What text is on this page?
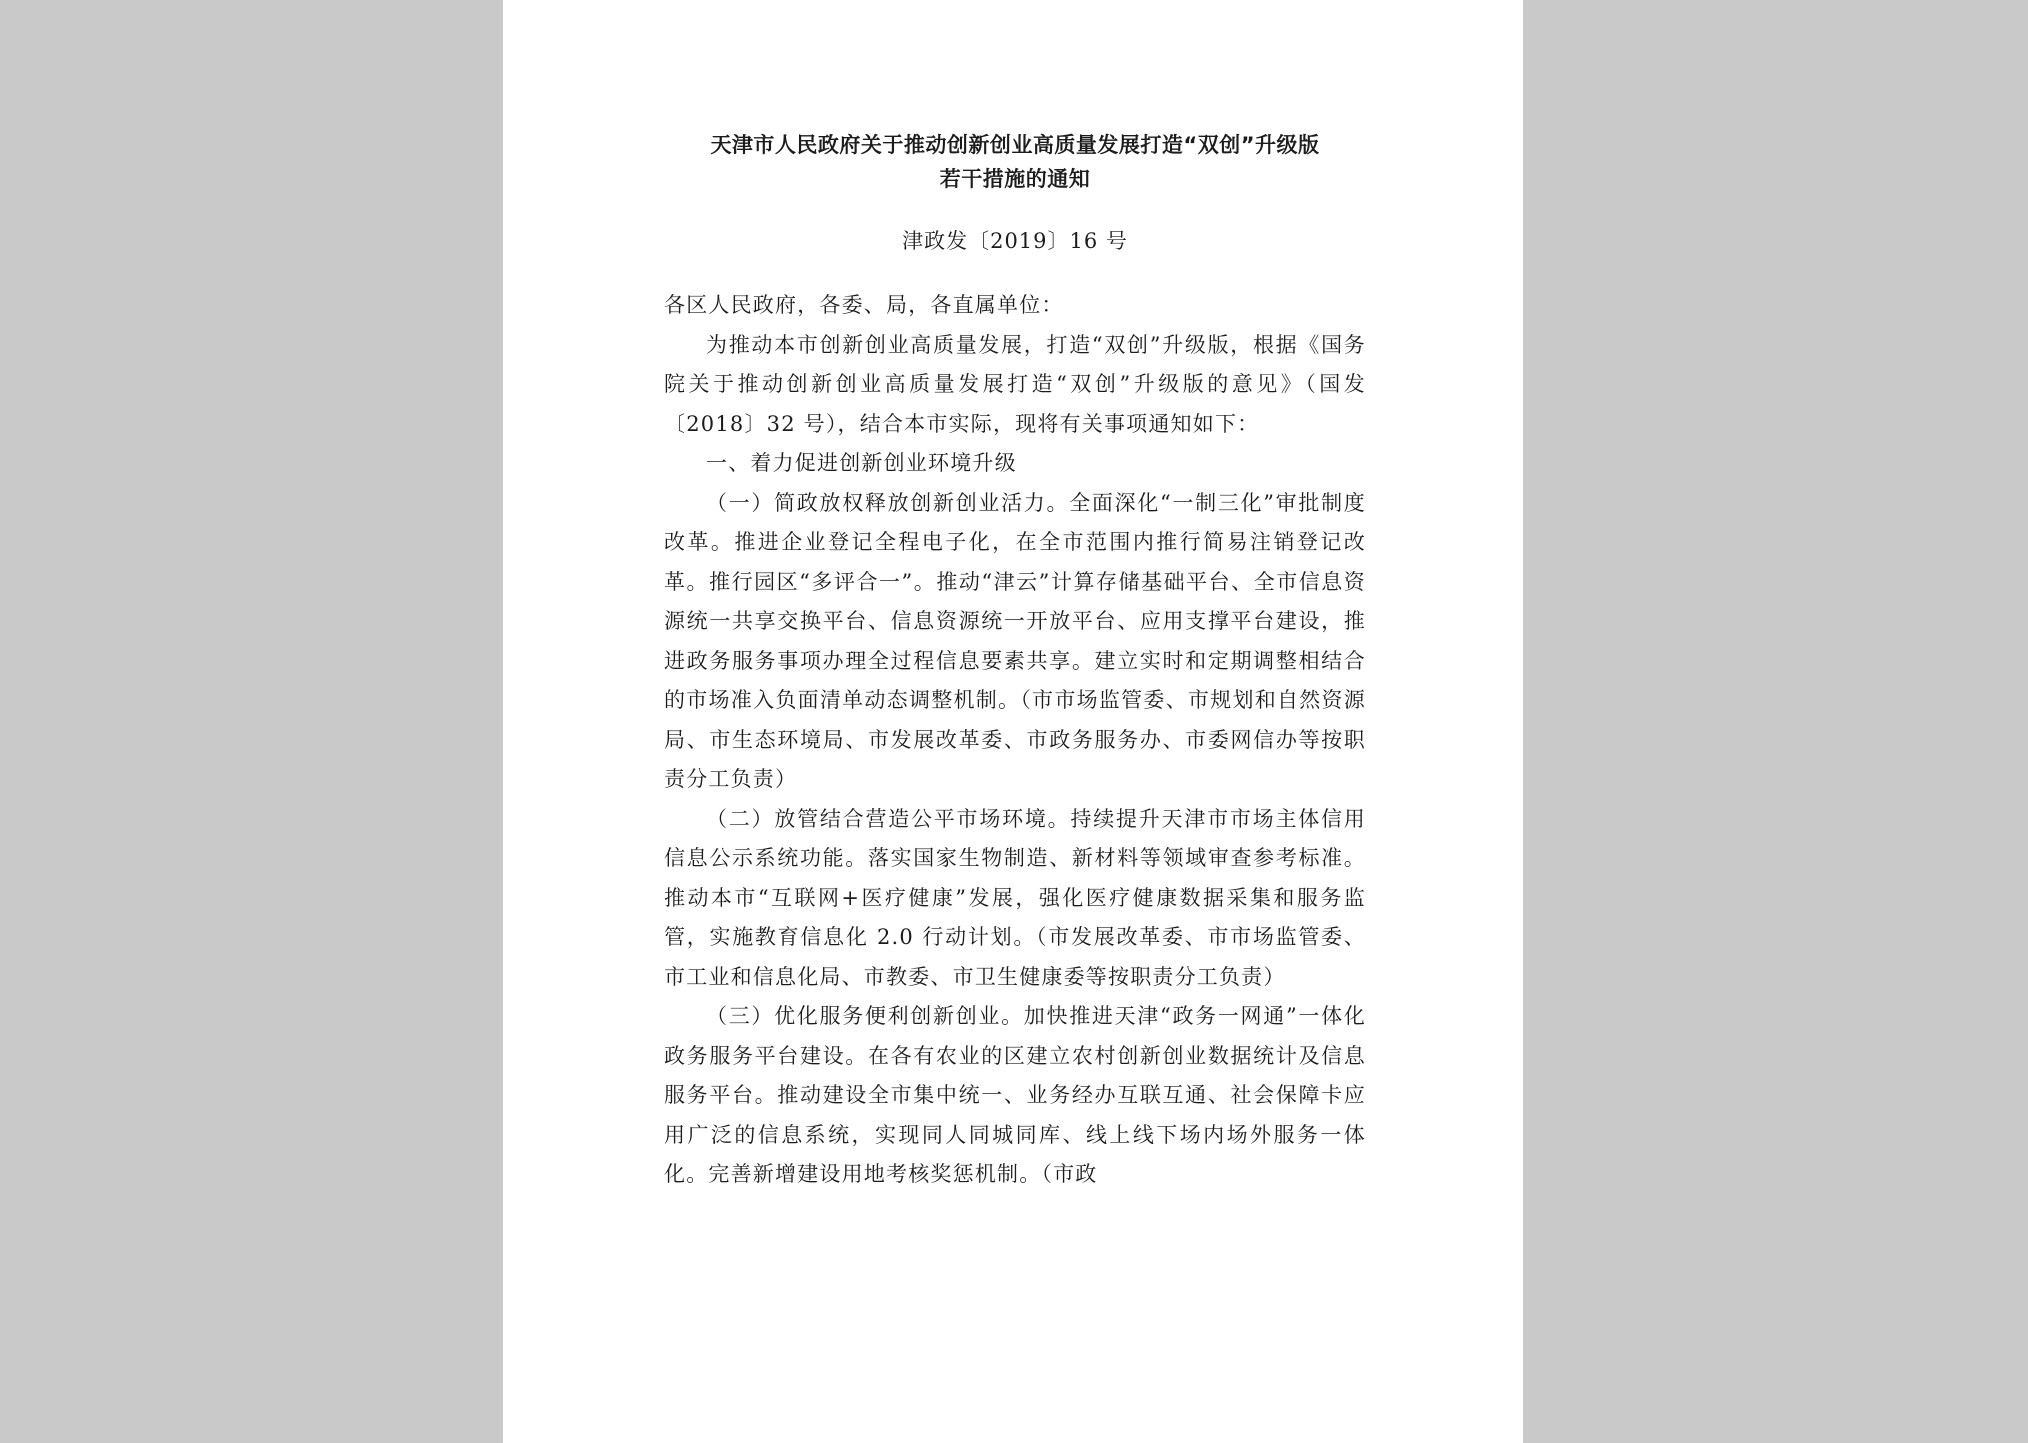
天津市人民政府关于推动创新创业高质量发展打造“双创”升级版
若干措施的通知

津政发〔2019〕16 号

各区人民政府，各委、局，各直属单位：

为推动本市创新创业高质量发展，打造“双创”升级版，根据《国务院关于推动创新创业高质量发展打造“双创”升级版的意见》（国发〔2018〕32 号），结合本市实际，现将有关事项通知如下：

一、着力促进创新创业环境升级

（一）简政放权释放创新创业活力。全面深化“一制三化”审批制度改革。推进企业登记全程电子化，在全市范围内推行简易注销登记改革。推行园区“多评合一”。推动“津云”计算存储基础平台、全市信息资源统一共享交换平台、信息资源统一开放平台、应用支撑平台建设，推进政务服务事项办理全过程信息要素共享。建立实时和定期调整相结合的市场准入负面清单动态调整机制。（市市场监管委、市规划和自然资源局、市生态环境局、市发展改革委、市政务服务办、市委网信办等按职责分工负责）

（二）放管结合营造公平市场环境。持续提升天津市市场主体信用信息公示系统功能。落实国家生物制造、新材料等领域审查参考标准。推动本市“互联网+医疗健康”发展，强化医疗健康数据采集和服务监管，实施教育信息化 2.0 行动计划。（市发展改革委、市市场监管委、市工业和信息化局、市教委、市卫生健康委等按职责分工负责）

（三）优化服务便利创新创业。加快推进天津“政务一网通”一体化政务服务平台建设。在各有农业的区建立农村创新创业数据统计及信息服务平台。推动建设全市集中统一、业务经办互联互通、社会保障卡应用广泛的信息系统，实现同人同城同库、线上线下场内场外服务一体化。完善新增建设用地考核奖惩机制。（市政
